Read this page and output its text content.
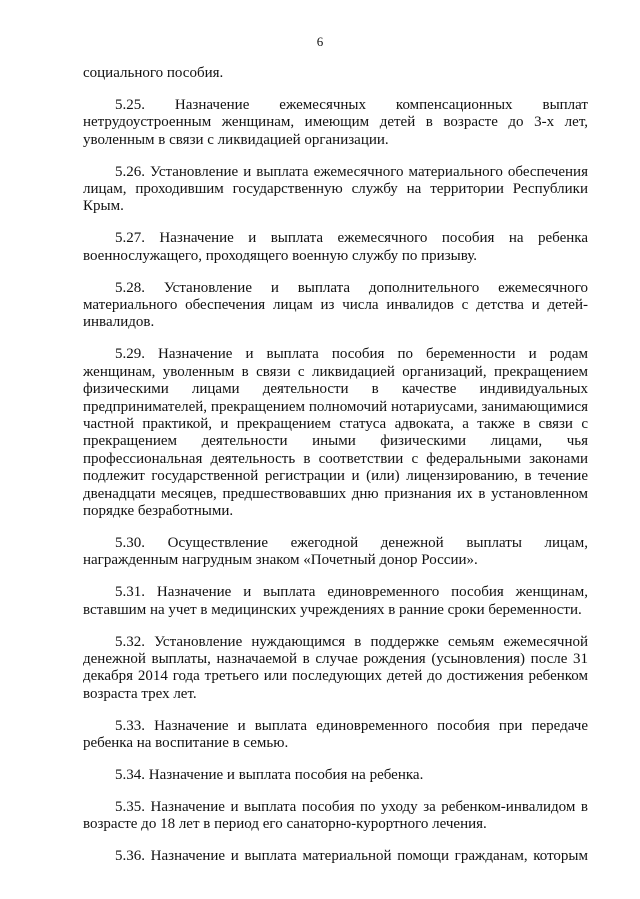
6

социального пособия.

5.25. Назначение ежемесячных компенсационных выплат нетрудоустроенным женщинам, имеющим детей в возрасте до 3-х лет, уволенным в связи с ликвидацией организации.

5.26. Установление и выплата ежемесячного материального обеспечения лицам, проходившим государственную службу на территории Республики Крым.

5.27. Назначение и выплата ежемесячного пособия на ребенка военнослужащего, проходящего военную службу по призыву.

5.28. Установление и выплата дополнительного ежемесячного материального обеспечения лицам из числа инвалидов с детства и детей-инвалидов.

5.29. Назначение и выплата пособия по беременности и родам женщинам, уволенным в связи с ликвидацией организаций, прекращением физическими лицами деятельности в качестве индивидуальных предпринимателей, прекращением полномочий нотариусами, занимающимися частной практикой, и прекращением статуса адвоката, а также в связи с прекращением деятельности иными физическими лицами, чья профессиональная деятельность в соответствии с федеральными законами подлежит государственной регистрации и (или) лицензированию, в течение двенадцати месяцев, предшествовавших дню признания их в установленном порядке безработными.

5.30. Осуществление ежегодной денежной выплаты лицам, награжденным нагрудным знаком «Почетный донор России».

5.31. Назначение и выплата единовременного пособия женщинам, вставшим на учет в медицинских учреждениях в ранние сроки беременности.

5.32. Установление нуждающимся в поддержке семьям ежемесячной денежной выплаты, назначаемой в случае рождения (усыновления) после 31 декабря 2014 года третьего или последующих детей до достижения ребенком возраста трех лет.

5.33. Назначение и выплата единовременного пособия при передаче ребенка на воспитание в семью.

5.34. Назначение и выплата пособия на ребенка.

5.35. Назначение и выплата пособия по уходу за ребенком-инвалидом в возрасте до 18 лет в период его санаторно-курортного лечения.

5.36. Назначение и выплата материальной помощи гражданам, которым
